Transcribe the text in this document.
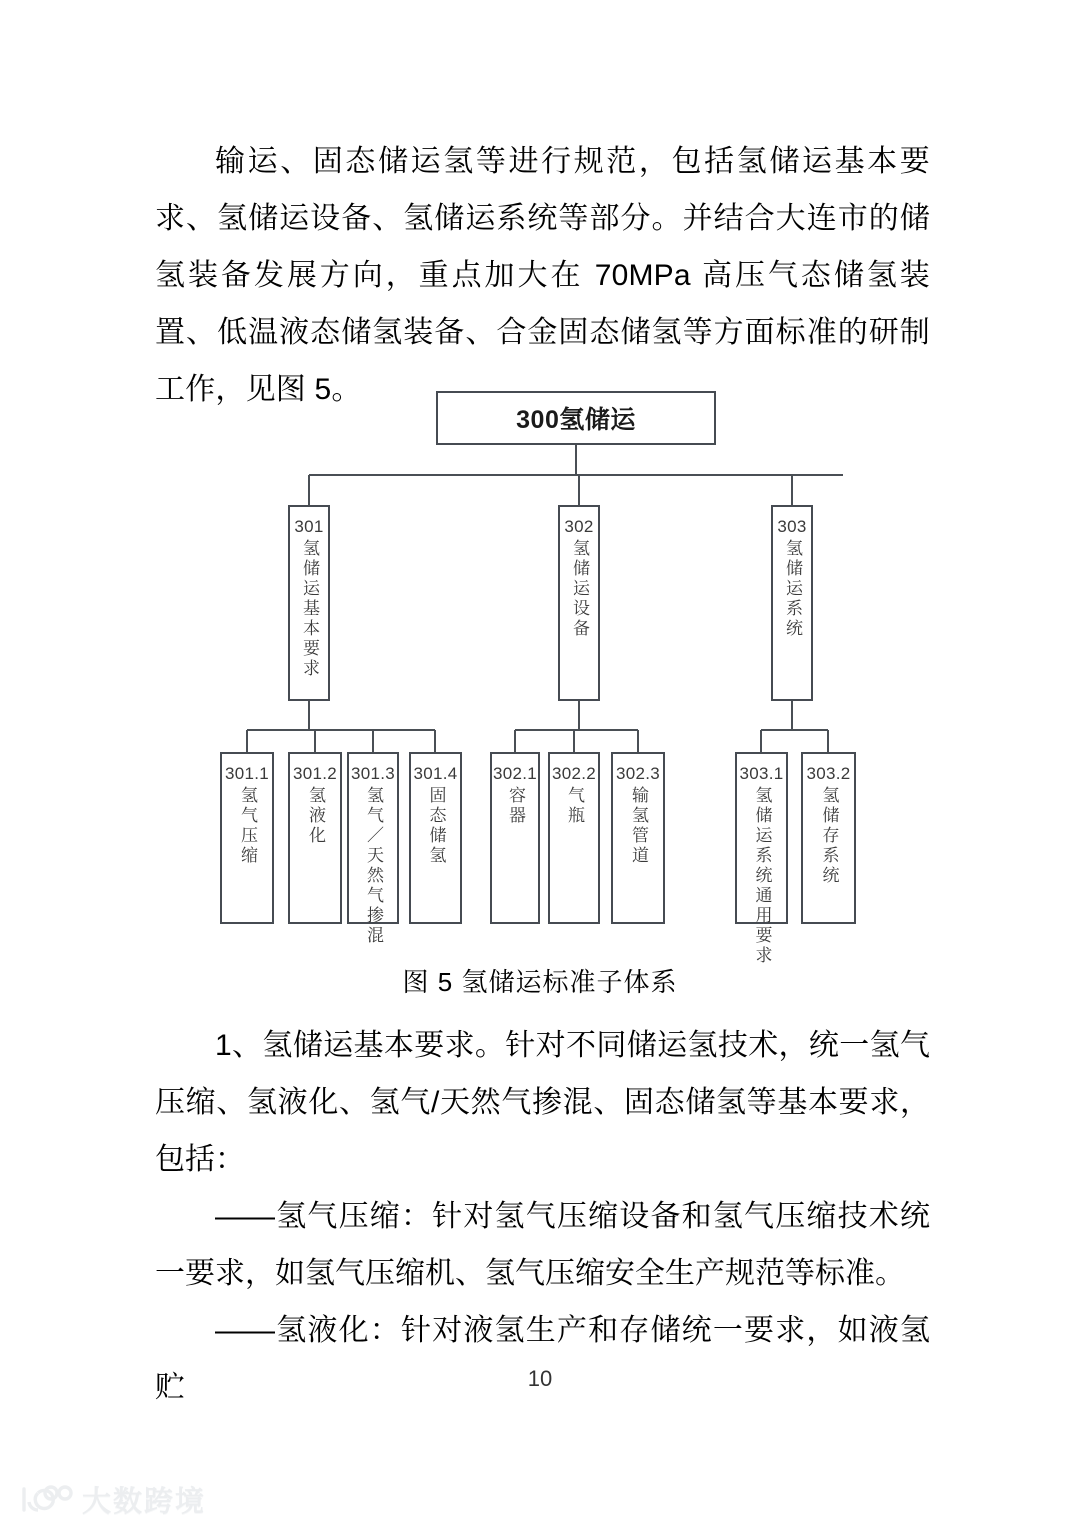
输运、固态储运氢等进行规范，包括氢储运基本要求、氢储运设备、氢储运系统等部分。并结合大连市的储氢装备发展方向，重点加大在 70MPa 高压气态储氢装置、低温液态储氢装备、合金固态储氢等方面标准的研制工作，见图 5。
300氢储运
301
氢储运基本要求
302
氢储运设备
303
氢储运系统
301.1
氢气压缩
301.2
氢液化
301.3
氢气／天然气掺混
301.4
固态储氢
302.1
容器
302.2
气瓶
302.3
输氢管道
303.1
氢储运系统通用要求
303.2
氢储存系统
图 5 氢储运标准子体系
1、氢储运基本要求。针对不同储运氢技术，统一氢气压缩、氢液化、氢气/天然气掺混、固态储氢等基本要求，包括：
——氢气压缩：针对氢气压缩设备和氢气压缩技术统一要求，如氢气压缩机、氢气压缩安全生产规范等标准。
——氢液化：针对液氢生产和存储统一要求，如液氢贮	10
大数跨境
